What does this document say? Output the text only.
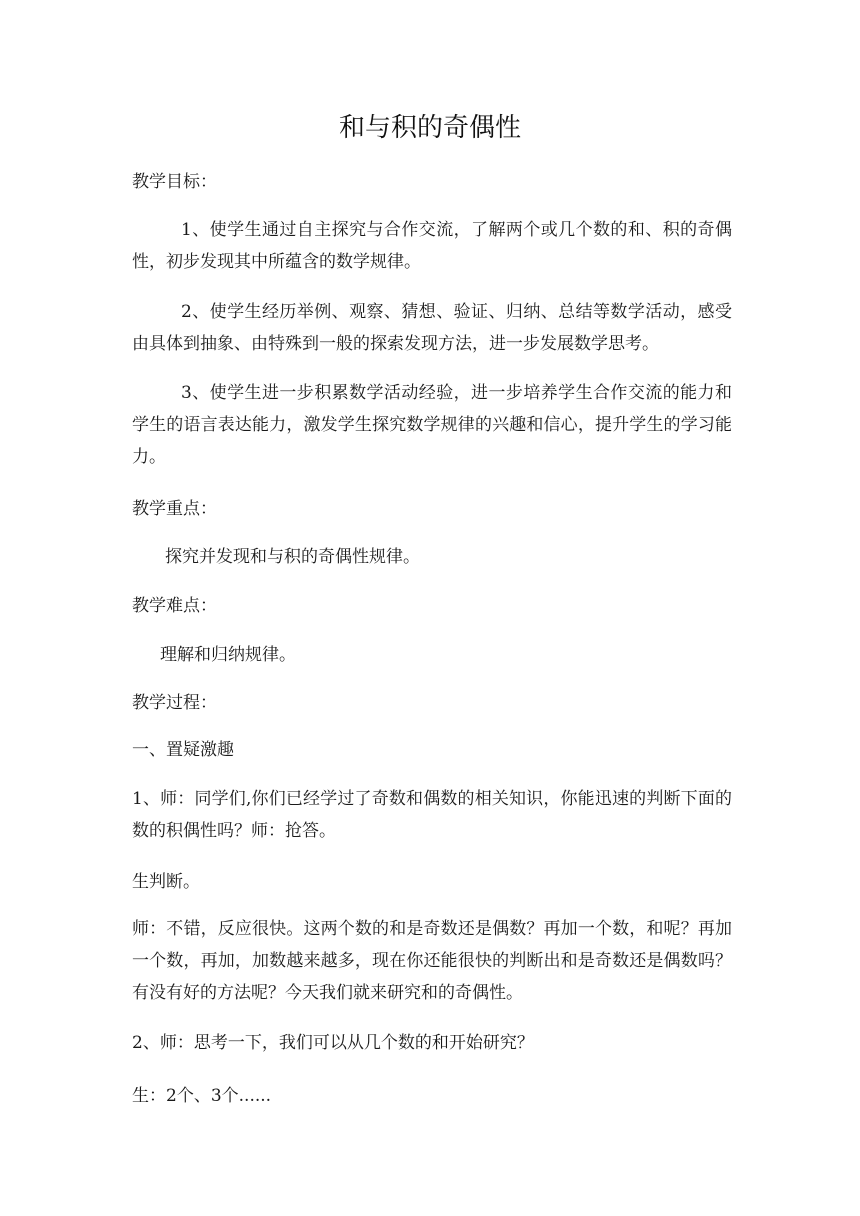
和与积的奇偶性

教学目标：

1、使学生通过自主探究与合作交流，了解两个或几个数的和、积的奇偶性，初步发现其中所蕴含的数学规律。

2、使学生经历举例、观察、猜想、验证、归纳、总结等数学活动，感受由具体到抽象、由特殊到一般的探索发现方法，进一步发展数学思考。

3、使学生进一步积累数学活动经验，进一步培养学生合作交流的能力和学生的语言表达能力，激发学生探究数学规律的兴趣和信心，提升学生的学习能力。

教学重点：

探究并发现和与积的奇偶性规律。

教学难点：

理解和归纳规律。

教学过程：

一、置疑激趣

1、师：同学们,你们已经学过了奇数和偶数的相关知识，你能迅速的判断下面的数的积偶性吗？师：抢答。

生判断。

师：不错，反应很快。这两个数的和是奇数还是偶数？再加一个数，和呢？再加一个数，再加，加数越来越多，现在你还能很快的判断出和是奇数还是偶数吗？有没有好的方法呢？今天我们就来研究和的奇偶性。

2、师：思考一下，我们可以从几个数的和开始研究？

生：2个、3个......
